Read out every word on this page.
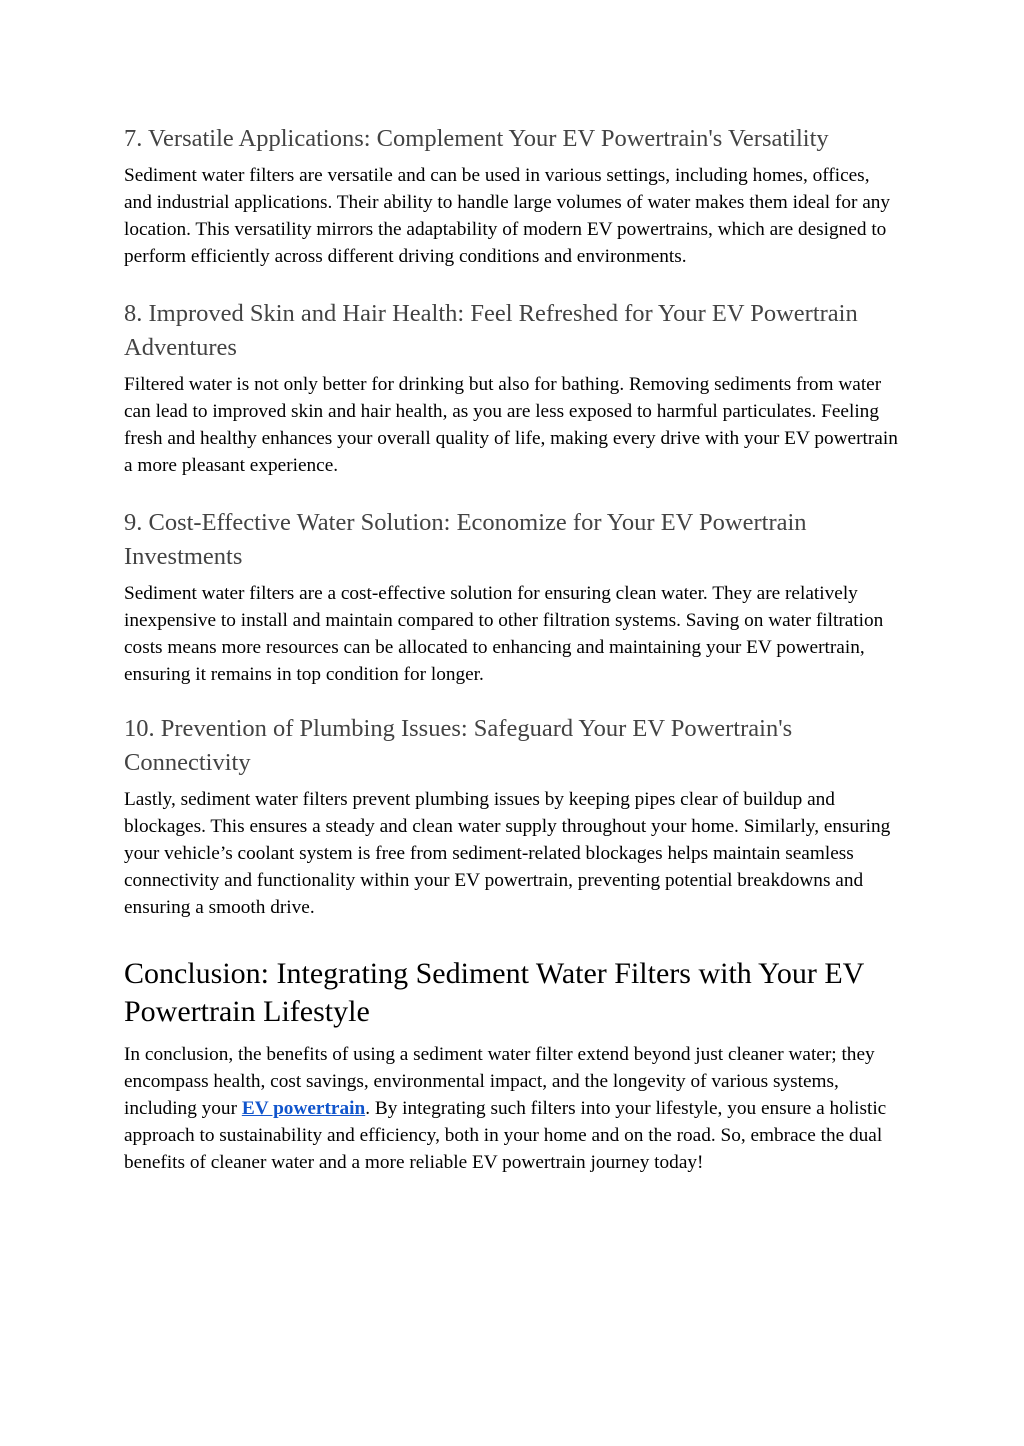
7. Versatile Applications: Complement Your EV Powertrain's Versatility

Sediment water filters are versatile and can be used in various settings, including homes, offices, and industrial applications. Their ability to handle large volumes of water makes them ideal for any location. This versatility mirrors the adaptability of modern EV powertrains, which are designed to perform efficiently across different driving conditions and environments.

8. Improved Skin and Hair Health: Feel Refreshed for Your EV Powertrain Adventures

Filtered water is not only better for drinking but also for bathing. Removing sediments from water can lead to improved skin and hair health, as you are less exposed to harmful particulates. Feeling fresh and healthy enhances your overall quality of life, making every drive with your EV powertrain a more pleasant experience.

9. Cost-Effective Water Solution: Economize for Your EV Powertrain Investments

Sediment water filters are a cost-effective solution for ensuring clean water. They are relatively inexpensive to install and maintain compared to other filtration systems. Saving on water filtration costs means more resources can be allocated to enhancing and maintaining your EV powertrain, ensuring it remains in top condition for longer.

10. Prevention of Plumbing Issues: Safeguard Your EV Powertrain's Connectivity

Lastly, sediment water filters prevent plumbing issues by keeping pipes clear of buildup and blockages. This ensures a steady and clean water supply throughout your home. Similarly, ensuring your vehicle’s coolant system is free from sediment-related blockages helps maintain seamless connectivity and functionality within your EV powertrain, preventing potential breakdowns and ensuring a smooth drive.

Conclusion: Integrating Sediment Water Filters with Your EV Powertrain Lifestyle

In conclusion, the benefits of using a sediment water filter extend beyond just cleaner water; they encompass health, cost savings, environmental impact, and the longevity of various systems, including your EV powertrain. By integrating such filters into your lifestyle, you ensure a holistic approach to sustainability and efficiency, both in your home and on the road. So, embrace the dual benefits of cleaner water and a more reliable EV powertrain journey today!
